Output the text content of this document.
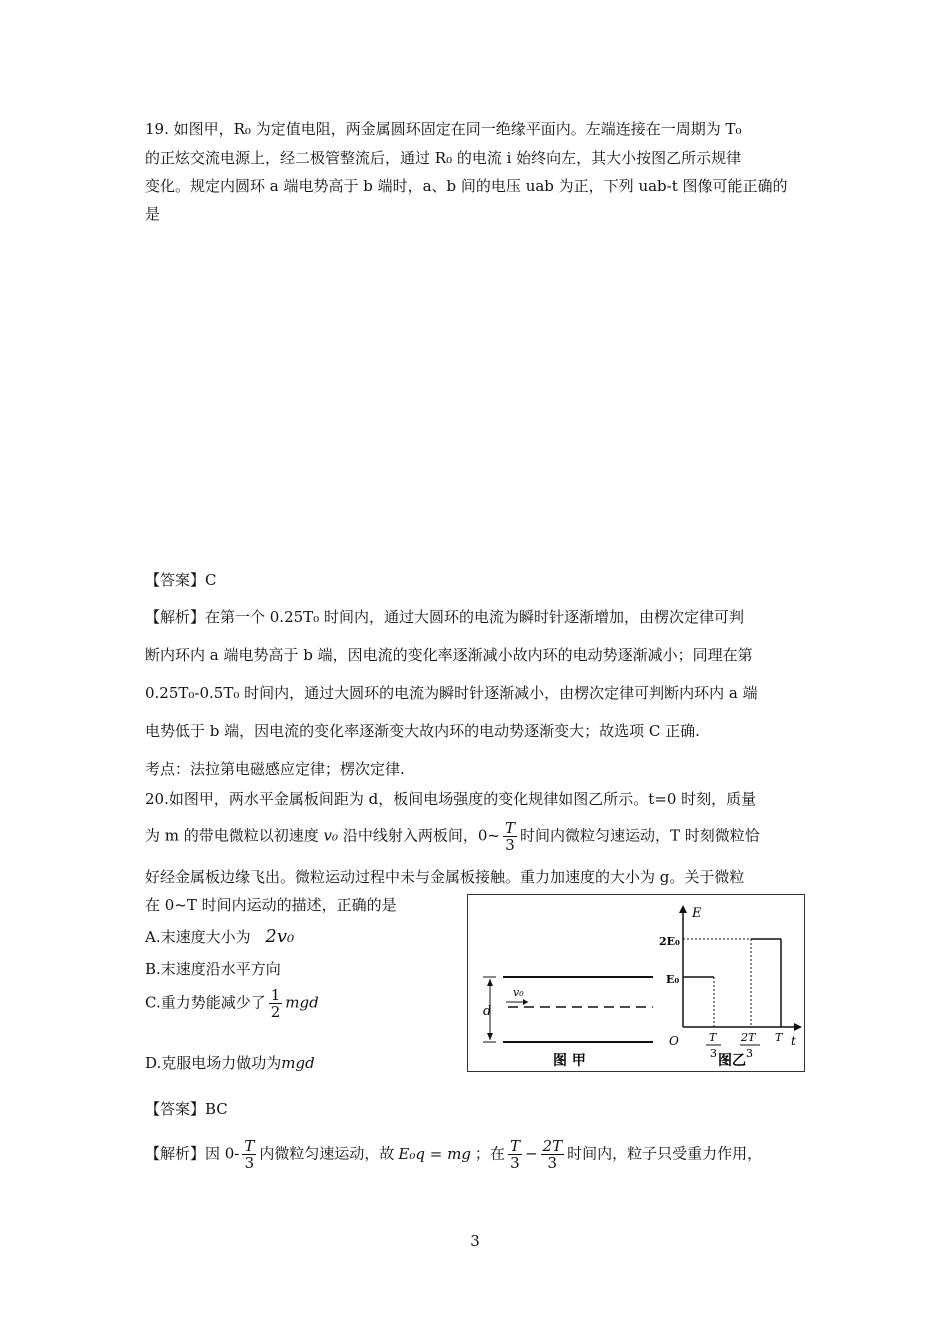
19. 如图甲，R₀ 为定值电阻，两金属圆环固定在同一绝缘平面内。左端连接在一周期为 T₀
的正炫交流电源上，经二极管整流后，通过 R₀ 的电流 i 始终向左，其大小按图乙所示规律
变化。规定内圆环 a 端电势高于 b 端时，a、b 间的电压 uab 为正，下列 uab-t 图像可能正确的
是
【答案】C
【解析】在第一个 0.25T₀ 时间内，通过大圆环的电流为瞬时针逐渐增加，由楞次定律可判
断内环内 a 端电势高于 b 端，因电流的变化率逐渐减小故内环的电动势逐渐减小；同理在第
0.25T₀-0.5T₀ 时间内，通过大圆环的电流为瞬时针逐渐减小，由楞次定律可判断内环内 a 端
电势低于 b 端，因电流的变化率逐渐变大故内环的电动势逐渐变大；故选项 C 正确.
考点：法拉第电磁感应定律；楞次定律.
20.如图甲，两水平金属板间距为 d，板间电场强度的变化规律如图乙所示。t=0 时刻，质量
为 m 的带电微粒以初速度 v₀ 沿中线射入两板间，0~ $\frac{T}{3}$ 时间内微粒匀速运动，T 时刻微粒恰
好经金属板边缘飞出。微粒运动过程中未与金属板接触。重力加速度的大小为 g。关于微粒
在 0~T 时间内运动的描述，正确的是
A.末速度大小为 2v₀
B.末速度沿水平方向
C.重力势能减少了 $\frac{1}{2}$ mgd
D.克服电场力做功为mgd
【答案】BC
【解析】因 $0- \frac{T}{3}$ 内微粒匀速运动，故 E₀q = mg ；在 $\frac{T}{3} - \frac{2T}{3}$ 时间内，粒子只受重力作用，
d
v₀
图 甲
E
t
O
2E₀
E₀
T
3
2T
3
T
图乙
3
